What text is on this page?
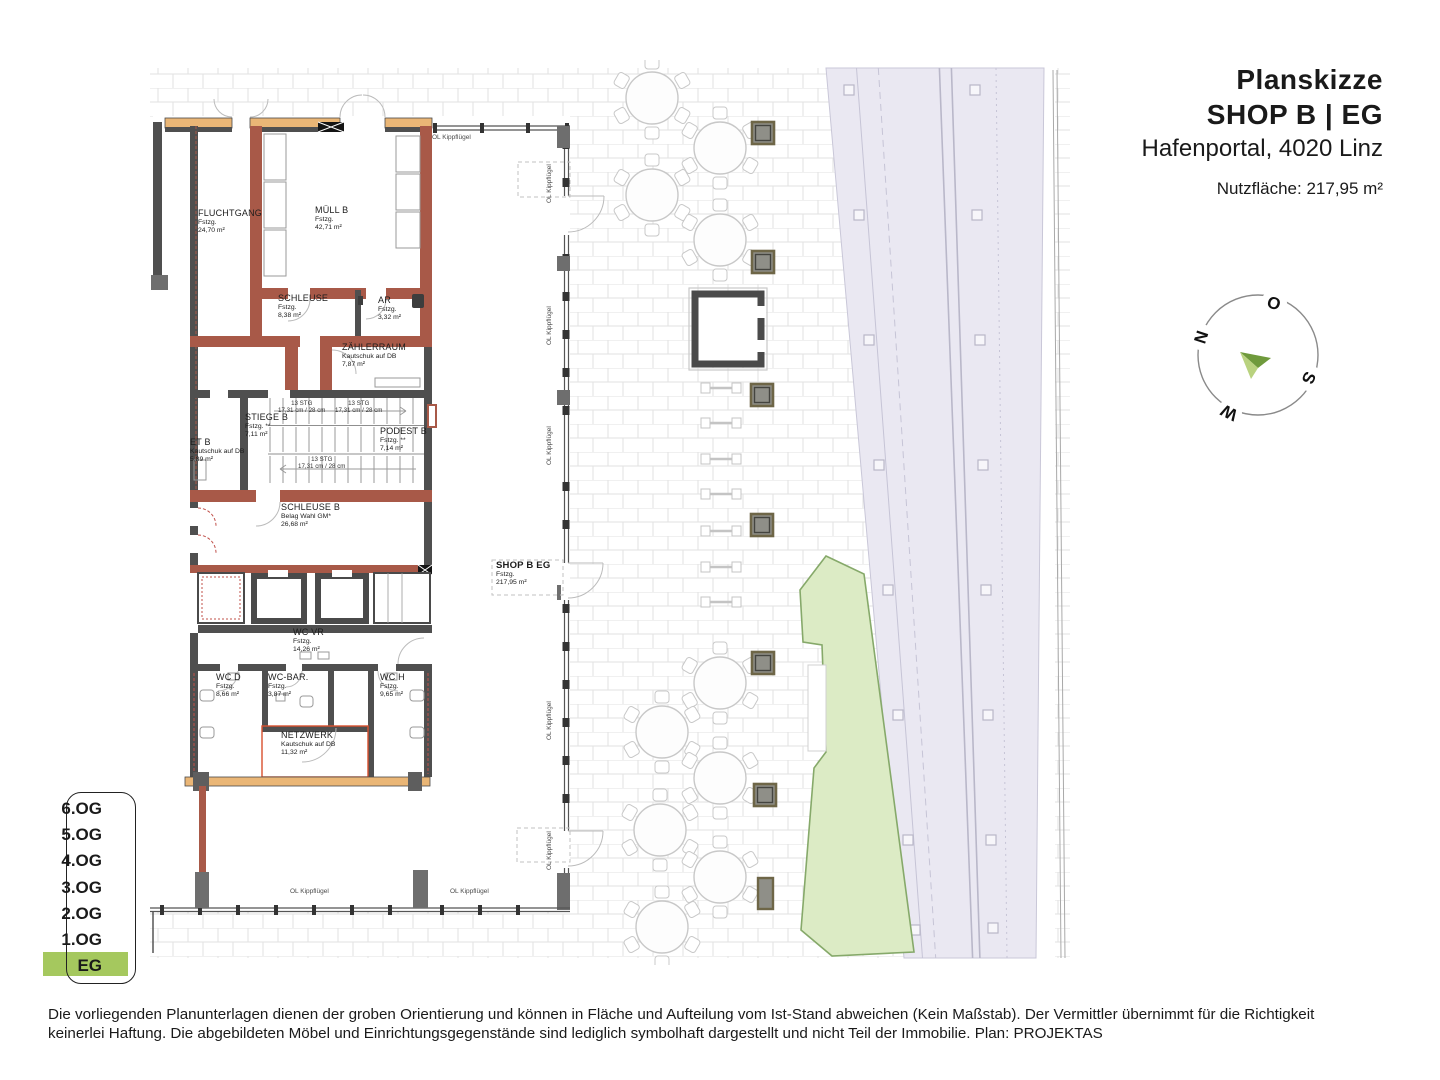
FLUCHTGANG
Fstzg.
24,70 m²
MÜLL B
Fstzg.
42,71 m²
SCHLEUSE
Fstzg.
8,38 m²
AR
Fstzg.
3,32 m²
ZÄHLERRAUM
Kautschuk auf DB
7,87 m²
STIEGE B
Fstzg. **
7,11 m²	PODEST B
Fstzg. **
7,14 m²
ET B
Kautschuk auf DB
5,89 m²
SCHLEUSE B
Belag Wahl GM*
26,68 m²
WC VR
Fstzg.
14,26 m²
WC D
Fstzg.
8,66 m²
WC-BAR.
Fstzg.
3,87 m²
WC H
Fstzg.
9,65 m²
NETZWERK
Kautschuk auf DB
11,32 m²
SHOP B EG
Fstzg.
217,95 m²
13 STG
17,31 cm / 28 cm
13 STG
17,31 cm / 28 cm
13 STG
17,31 cm / 28 cm
OL Kippflügel
OL Kippflügel	OL Kippflügel
OL Kippflügel
OL Kippflügel
OL Kippflügel
OL Kippflügel
OL Kippflügel
Planskizze
SHOP B | EG
Hafenportal, 4020 Linz
Nutzfläche: 217,95 m²
N
O
S
W
6.OG
5.OG
4.OG
3.OG
2.OG
1.OG
EG
Die vorliegenden Planunterlagen dienen der groben Orientierung und können in Fläche und Aufteilung vom Ist-Stand abweichen (Kein Maßstab). Der Vermittler übernimmt für die Richtigkeit
keinerlei Haftung. Die abgebildeten Möbel und Einrichtungsgegenstände sind lediglich symbolhaft dargestellt und nicht Teil der Immobilie. Plan: PROJEKTAS
